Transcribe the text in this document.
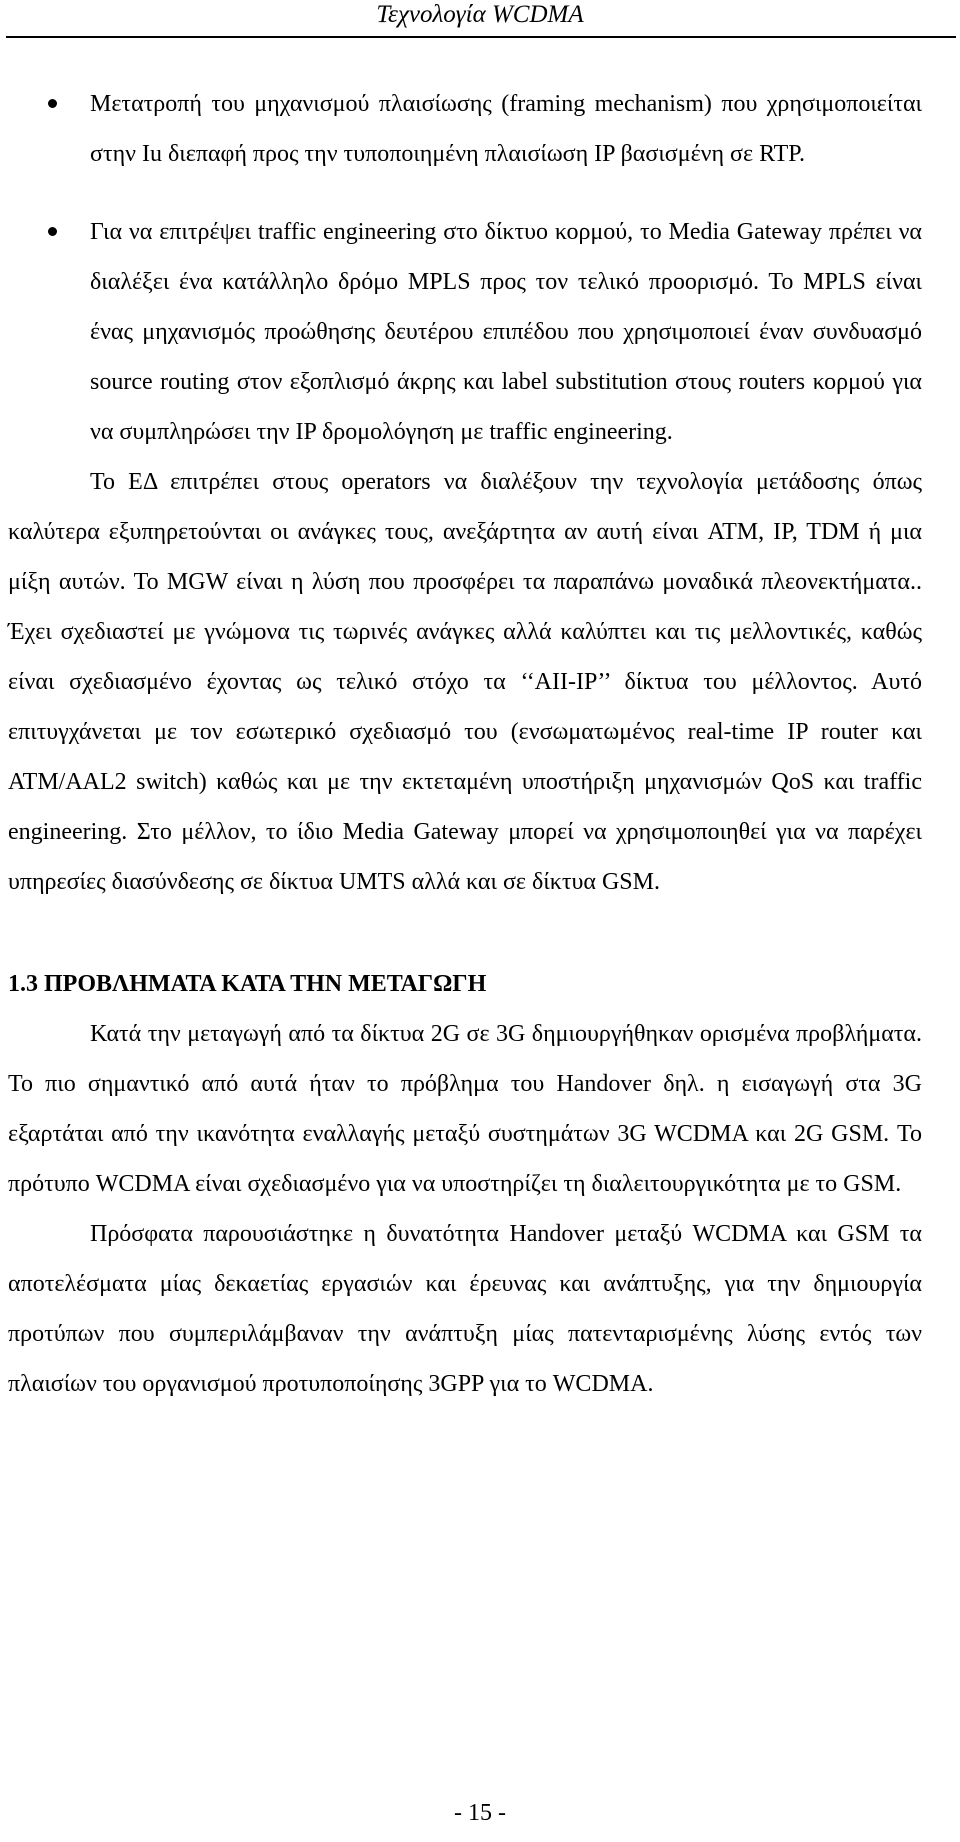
Τεχνολογία WCDMA
Μετατροπή του μηχανισμού πλαισίωσης (framing mechanism) που χρησιμοποιείται στην Iu διεπαφή προς την τυποποιημένη πλαισίωση IP βασισμένη σε RTP.
Για να επιτρέψει traffic engineering στο δίκτυο κορμού, το Media Gateway πρέπει να διαλέξει ένα κατάλληλο δρόμο MPLS προς τον τελικό προορισμό. Το MPLS είναι ένας μηχανισμός προώθησης δευτέρου επιπέδου που χρησιμοποιεί έναν συνδυασμό source routing στον εξοπλισμό άκρης και label substitution στους routers κορμού για να συμπληρώσει την IP δρομολόγηση με traffic engineering.

Το ΕΔ επιτρέπει στους operators να διαλέξουν την τεχνολογία μετάδοσης όπως καλύτερα εξυπηρετούνται οι ανάγκες τους, ανεξάρτητα αν αυτή είναι ATM, IP, TDM ή μια μίξη αυτών. Το MGW είναι η λύση που προσφέρει τα παραπάνω μοναδικά πλεονεκτήματα.. Έχει σχεδιαστεί με γνώμονα τις τωρινές ανάγκες αλλά καλύπτει και τις μελλοντικές, καθώς είναι σχεδιασμένο έχοντας ως τελικό στόχο τα ‘‘AII-IP’’ δίκτυα του μέλλοντος. Αυτό επιτυγχάνεται με τον εσωτερικό σχεδιασμό του (ενσωματωμένος real-time IP router και ATM/AAL2 switch) καθώς και με την εκτεταμένη υποστήριξη μηχανισμών QoS και traffic engineering. Στο μέλλον, το ίδιο Media Gateway μπορεί να χρησιμοποιηθεί για να παρέχει υπηρεσίες διασύνδεσης σε δίκτυα UMTS αλλά και σε δίκτυα GSM.

1.3 ΠΡΟΒΛΗΜΑΤΑ ΚΑΤΑ ΤΗΝ ΜΕΤΑΓΩΓΗ

Κατά την μεταγωγή από τα δίκτυα 2G σε 3G δημιουργήθηκαν ορισμένα προβλήματα. Το πιο σημαντικό από αυτά ήταν το πρόβλημα του Handover δηλ. η εισαγωγή στα 3G εξαρτάται από την ικανότητα εναλλαγής μεταξύ συστημάτων 3G WCDMA και 2G GSM. Το πρότυπο WCDMA είναι σχεδιασμένο για να υποστηρίζει τη διαλειτουργικότητα με το GSM.

Πρόσφατα παρουσιάστηκε η δυνατότητα Handover μεταξύ WCDMA και GSM τα αποτελέσματα μίας δεκαετίας εργασιών και έρευνας και ανάπτυξης, για την δημιουργία προτύπων που συμπεριλάμβαναν την ανάπτυξη μίας πατενταρισμένης λύσης εντός των πλαισίων του οργανισμού προτυποποίησης 3GPP για το WCDMA.

- 15 -
